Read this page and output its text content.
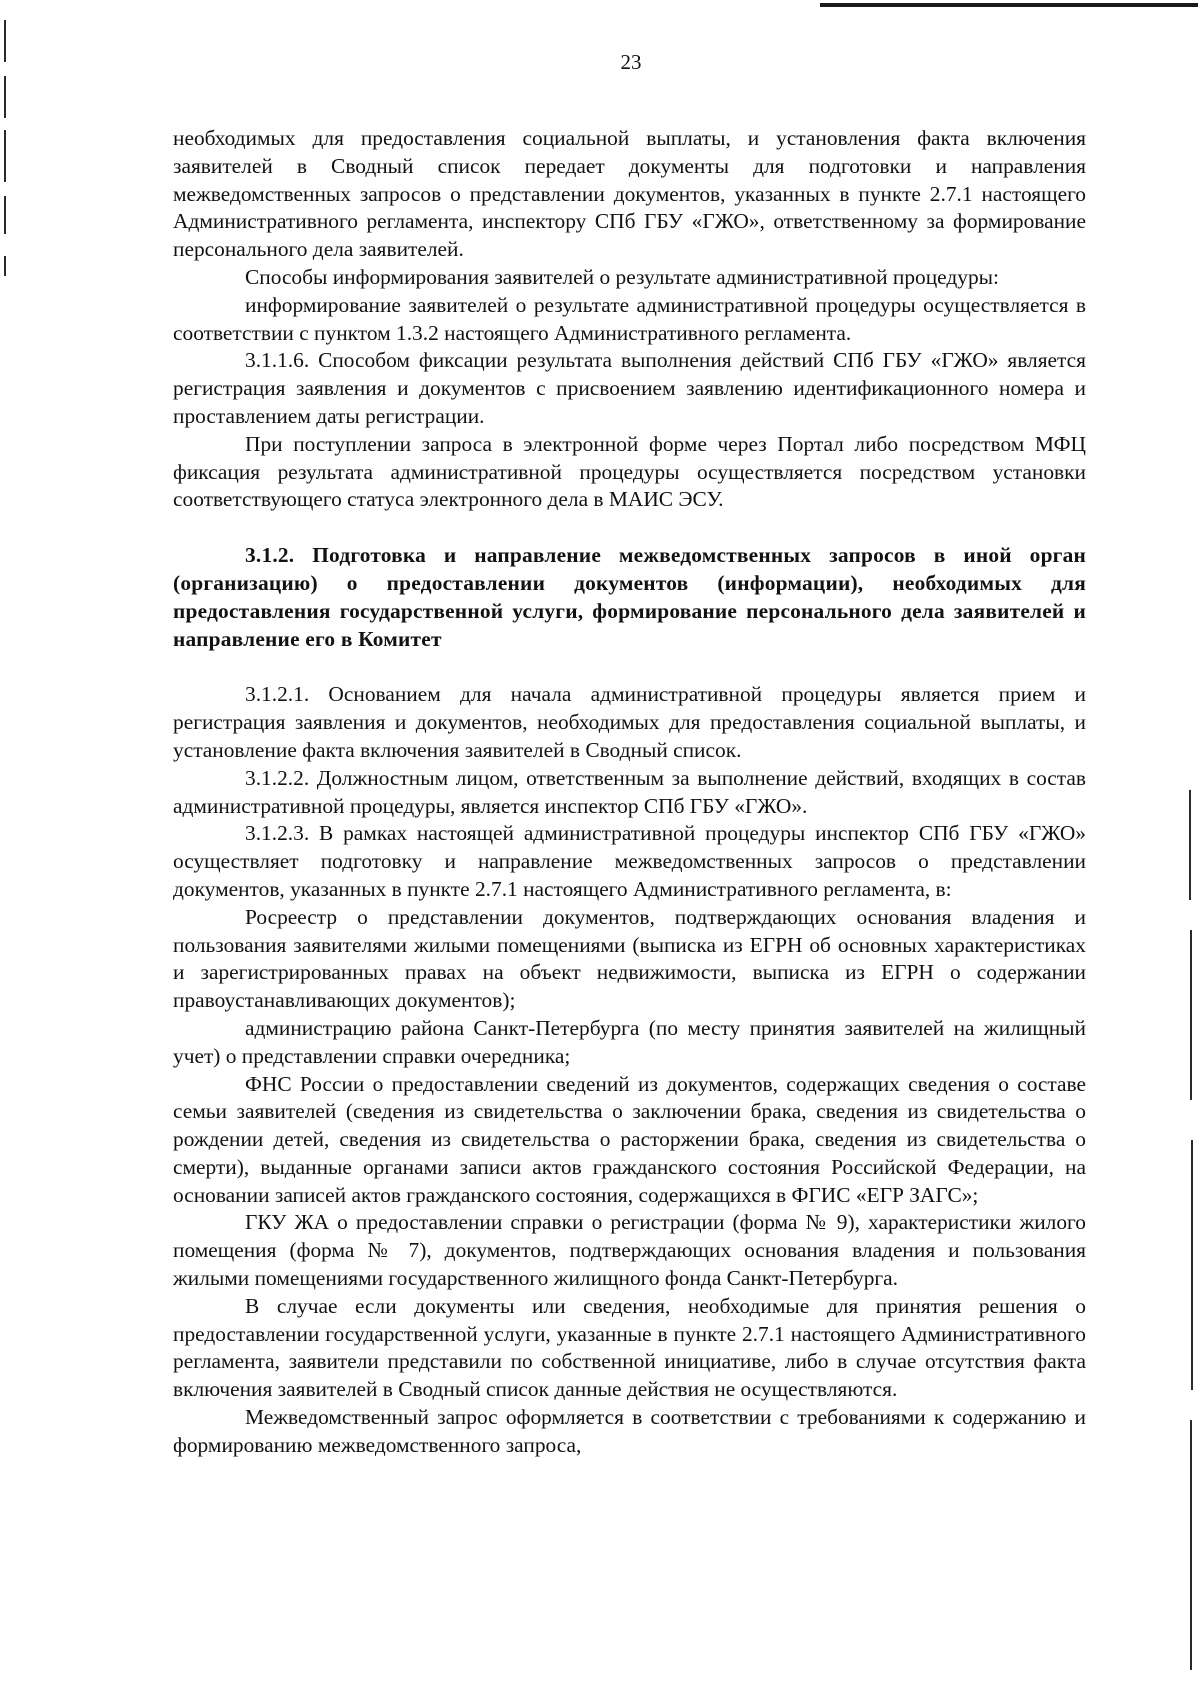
23

необходимых для предоставления социальной выплаты, и установления факта включения заявителей в Сводный список передает документы для подготовки и направления межведомственных запросов о представлении документов, указанных в пункте 2.7.1 настоящего Административного регламента, инспектору СПб ГБУ «ГЖО», ответственному за формирование персонального дела заявителей.

Способы информирования заявителей о результате административной процедуры:

информирование заявителей о результате административной процедуры осуществляется в соответствии с пунктом 1.3.2 настоящего Административного регламента.

3.1.1.6. Способом фиксации результата выполнения действий СПб ГБУ «ГЖО» является регистрация заявления и документов с присвоением заявлению идентификационного номера и проставлением даты регистрации.

При поступлении запроса в электронной форме через Портал либо посредством МФЦ фиксация результата административной процедуры осуществляется посредством установки соответствующего статуса электронного дела в МАИС ЭСУ.

3.1.2. Подготовка и направление межведомственных запросов в иной орган (организацию) о предоставлении документов (информации), необходимых для предоставления государственной услуги, формирование персонального дела заявителей и направление его в Комитет

3.1.2.1. Основанием для начала административной процедуры является прием и регистрация заявления и документов, необходимых для предоставления социальной выплаты, и установление факта включения заявителей в Сводный список.

3.1.2.2. Должностным лицом, ответственным за выполнение действий, входящих в состав административной процедуры, является инспектор СПб ГБУ «ГЖО».

3.1.2.3. В рамках настоящей административной процедуры инспектор СПб ГБУ «ГЖО» осуществляет подготовку и направление межведомственных запросов о представлении документов, указанных в пункте 2.7.1 настоящего Административного регламента, в:

Росреестр о представлении документов, подтверждающих основания владения и пользования заявителями жилыми помещениями (выписка из ЕГРН об основных характеристиках и зарегистрированных правах на объект недвижимости, выписка из ЕГРН о содержании правоустанавливающих документов);

администрацию района Санкт-Петербурга (по месту принятия заявителей на жилищный учет) о представлении справки очередника;

ФНС России о предоставлении сведений из документов, содержащих сведения о составе семьи заявителей (сведения из свидетельства о заключении брака, сведения из свидетельства о рождении детей, сведения из свидетельства о расторжении брака, сведения из свидетельства о смерти), выданные органами записи актов гражданского состояния Российской Федерации, на основании записей актов гражданского состояния, содержащихся в ФГИС «ЕГР ЗАГС»;

ГКУ ЖА о предоставлении справки о регистрации (форма № 9), характеристики жилого помещения (форма № 7), документов, подтверждающих основания владения и пользования жилыми помещениями государственного жилищного фонда Санкт-Петербурга.

В случае если документы или сведения, необходимые для принятия решения о предоставлении государственной услуги, указанные в пункте 2.7.1 настоящего Административного регламента, заявители представили по собственной инициативе, либо в случае отсутствия факта включения заявителей в Сводный список данные действия не осуществляются.

Межведомственный запрос оформляется в соответствии с требованиями к содержанию и формированию межведомственного запроса,
